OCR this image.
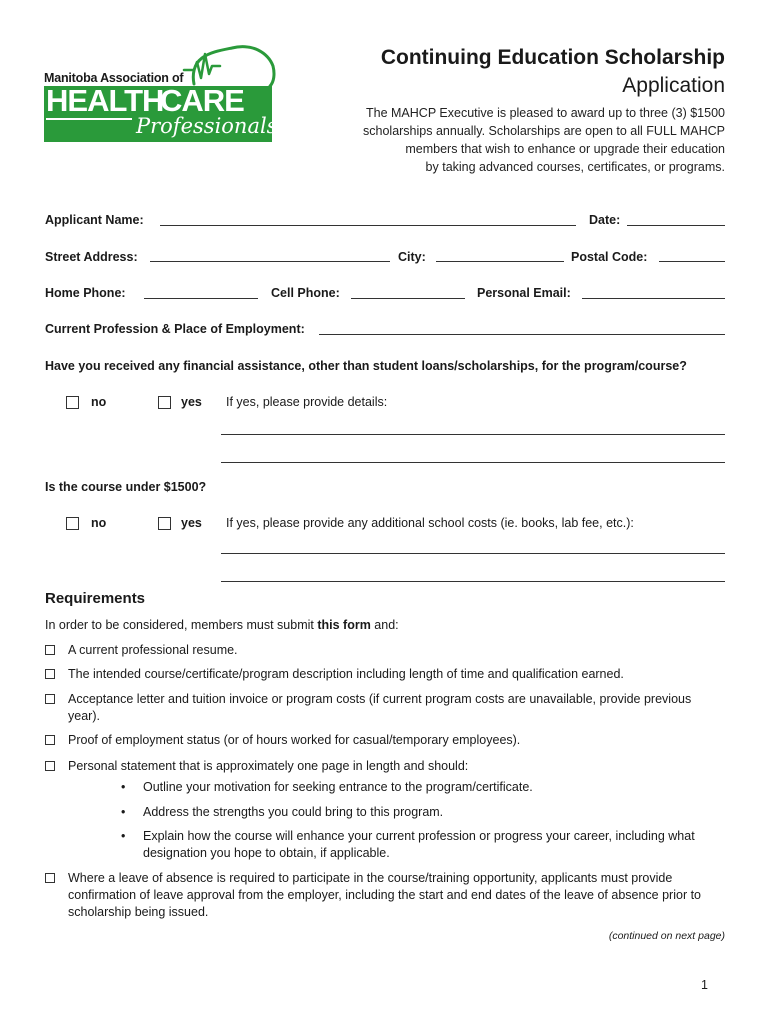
Manitoba Association of
HEALTH
CARE
Professionals
Continuing Education Scholarship
Application
The MAHCP Executive is pleased to award up to three (3) $1500
scholarships annually. Scholarships are open to all FULL MAHCP
members that wish to enhance or upgrade their education
by taking advanced courses, certificates, or programs.
Applicant Name:	Date:
Street Address:	City:	Postal Code:
Home Phone:	Cell Phone:	Personal Email:
Current Profession & Place of Employment:
Have you received any financial assistance, other than student loans/scholarships, for the program/course?
no	yes If yes, please provide details:
Is the course under $1500?
no	yes If yes, please provide any additional school costs (ie. books, lab fee, etc.):
Requirements
In order to be considered, members must submit this form and:
A current professional resume.
The intended course/certificate/program description including length of time and qualification earned.
Acceptance letter and tuition invoice or program costs (if current program costs are unavailable, provide previous year).
Proof of employment status (or of hours worked for casual/temporary employees).
Personal statement that is approximately one page in length and should:
• Outline your motivation for seeking entrance to the program/certificate.
• Address the strengths you could bring to this program.
• Explain how the course will enhance your current profession or progress your career, including what designation you hope to obtain, if applicable.
Where a leave of absence is required to participate in the course/training opportunity, applicants must provide confirmation of leave approval from the employer, including the start and end dates of the leave of absence prior to scholarship being issued.
(continued on next page)
1
